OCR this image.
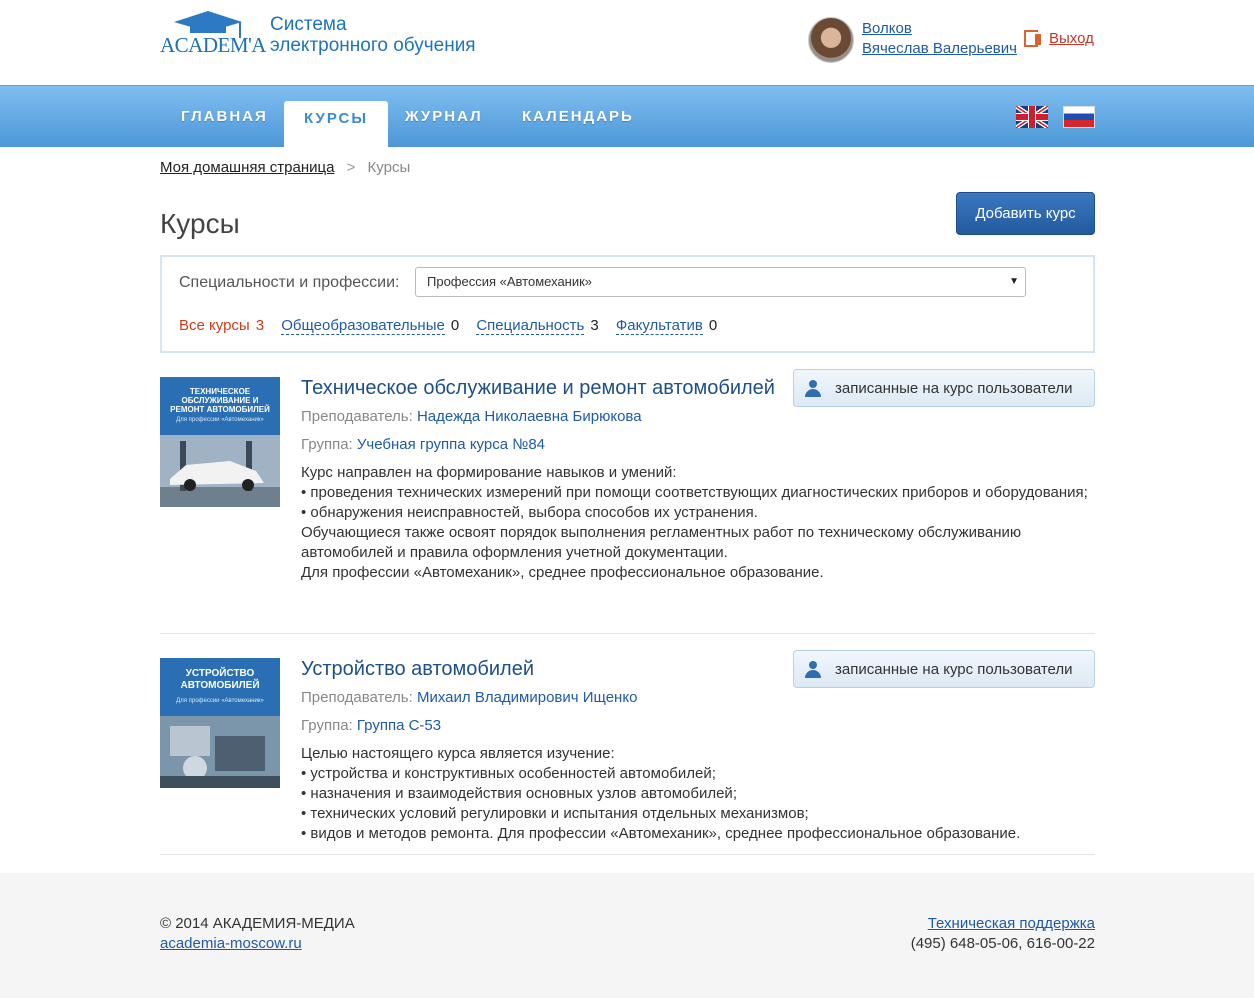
ACADEM'A
Система
электронного обучения
Волков
Вячеслав Валерьевич
Выход
ГЛАВНАЯ	КУРСЫ	ЖУРНАЛ	КАЛЕНДАРЬ
Моя домашняя страница > Курсы
Курсы	Добавить курс
Специальности и профессии:	Профессия «Автомеханик»	▼
Все курсы 3 Общеобразовательные 0 Специальность 3 Факультатив 0
ТЕХНИЧЕСКОЕ ОБСЛУЖИВАНИЕ И РЕМОНТ АВТОМОБИЛЕЙ
Для профессии «Автомеханик»
Техническое обслуживание и ремонт автомобилей	записанные на курс пользователи
Преподаватель: Надежда Николаевна Бирюкова
Группа: Учебная группа курса №84

Курс направлен на формирование навыков и умений:

• проведения технических измерений при помощи соответствующих диагностических приборов и оборудования;

• обнаружения неисправностей, выбора способов их устранения.

Обучающиеся также освоят порядок выполнения регламентных работ по техническому обслуживанию автомобилей и правила оформления учетной документации.

Для профессии «Автомеханик», среднее профессиональное образование.

УСТРОЙСТВО АВТОМОБИЛЕЙ
Для профессии «Автомеханик»
Устройство автомобилей	записанные на курс пользователи
Преподаватель: Михаил Владимирович Ищенко
Группа: Группа С-53

Целью настоящего курса является изучение:

• устройства и конструктивных особенностей автомобилей;

• назначения и взаимодействия основных узлов автомобилей;

• технических условий регулировки и испытания отдельных механизмов;

• видов и методов ремонта. Для профессии «Автомеханик», среднее профессиональное образование.

© 2014 АКАДЕМИЯ-МЕДИА
academia-moscow.ru
Техническая поддержка
(495) 648-05-06, 616-00-22
